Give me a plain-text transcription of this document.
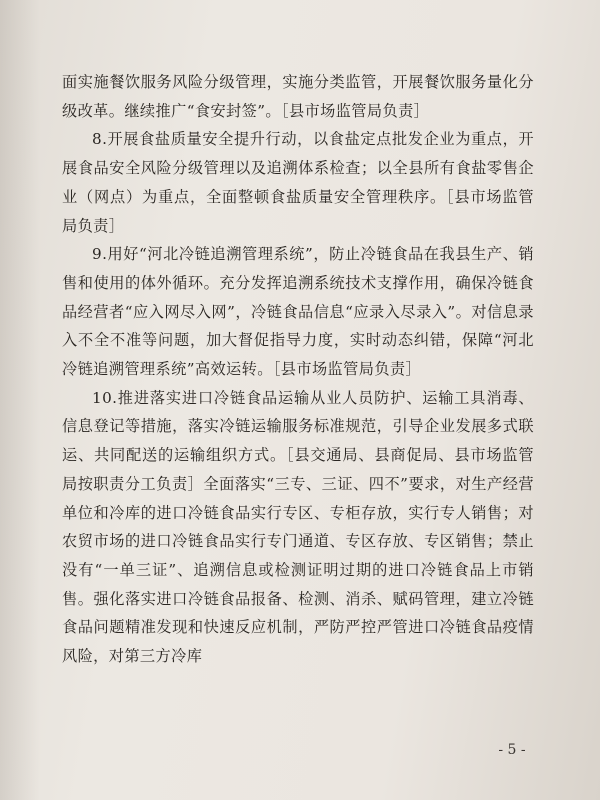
面实施餐饮服务风险分级管理，实施分类监管，开展餐饮服务量化分级改革。继续推广“食安封签”。［县市场监管局负责］

8.开展食盐质量安全提升行动，以食盐定点批发企业为重点，开展食品安全风险分级管理以及追溯体系检查；以全县所有食盐零售企业（网点）为重点，全面整顿食盐质量安全管理秩序。［县市场监管局负责］

9.用好“河北冷链追溯管理系统”，防止冷链食品在我县生产、销售和使用的体外循环。充分发挥追溯系统技术支撑作用，确保冷链食品经营者“应入网尽入网”，冷链食品信息“应录入尽录入”。对信息录入不全不准等问题，加大督促指导力度，实时动态纠错，保障“河北冷链追溯管理系统”高效运转。［县市场监管局负责］

10.推进落实进口冷链食品运输从业人员防护、运输工具消毒、信息登记等措施，落实冷链运输服务标准规范，引导企业发展多式联运、共同配送的运输组织方式。［县交通局、县商促局、县市场监管局按职责分工负责］全面落实“三专、三证、四不”要求，对生产经营单位和冷库的进口冷链食品实行专区、专柜存放，实行专人销售；对农贸市场的进口冷链食品实行专门通道、专区存放、专区销售；禁止没有“一单三证”、追溯信息或检测证明过期的进口冷链食品上市销售。强化落实进口冷链食品报备、检测、消杀、赋码管理，建立冷链食品问题精准发现和快速反应机制，严防严控严管进口冷链食品疫情风险，对第三方冷库

- 5 -
